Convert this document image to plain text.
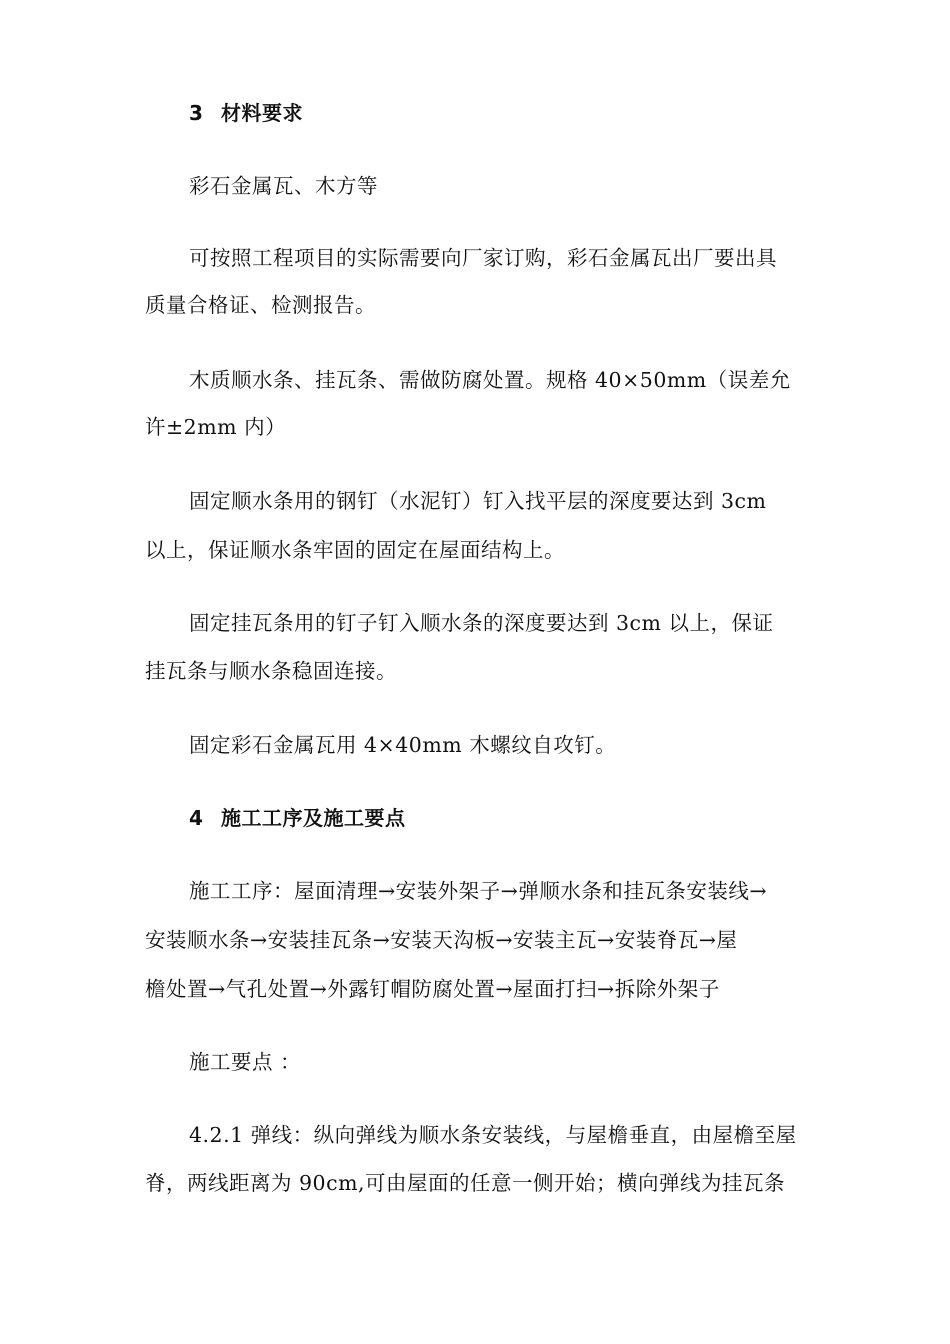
3 材料要求
彩石金属瓦、木方等
可按照工程项目的实际需要向厂家订购，彩石金属瓦出厂要出具
质量合格证、检测报告。
木质顺水条、挂瓦条、需做防腐处置。规格 40×50mm（误差允
许±2mm 内）
固定顺水条用的钢钉（水泥钉）钉入找平层的深度要达到 3cm
以上，保证顺水条牢固的固定在屋面结构上。
固定挂瓦条用的钉子钉入顺水条的深度要达到 3cm 以上，保证
挂瓦条与顺水条稳固连接。
固定彩石金属瓦用 4×40mm 木螺纹自攻钉。
4 施工工序及施工要点
施工工序：屋面清理→安装外架子→弹顺水条和挂瓦条安装线→
安装顺水条→安装挂瓦条→安装天沟板→安装主瓦→安装脊瓦→屋
檐处置→气孔处置→外露钉帽防腐处置→屋面打扫→拆除外架子
施工要点 ：
4.2.1 弹线：纵向弹线为顺水条安装线，与屋檐垂直，由屋檐至屋
脊，两线距离为 90cm,可由屋面的任意一侧开始；横向弹线为挂瓦条
